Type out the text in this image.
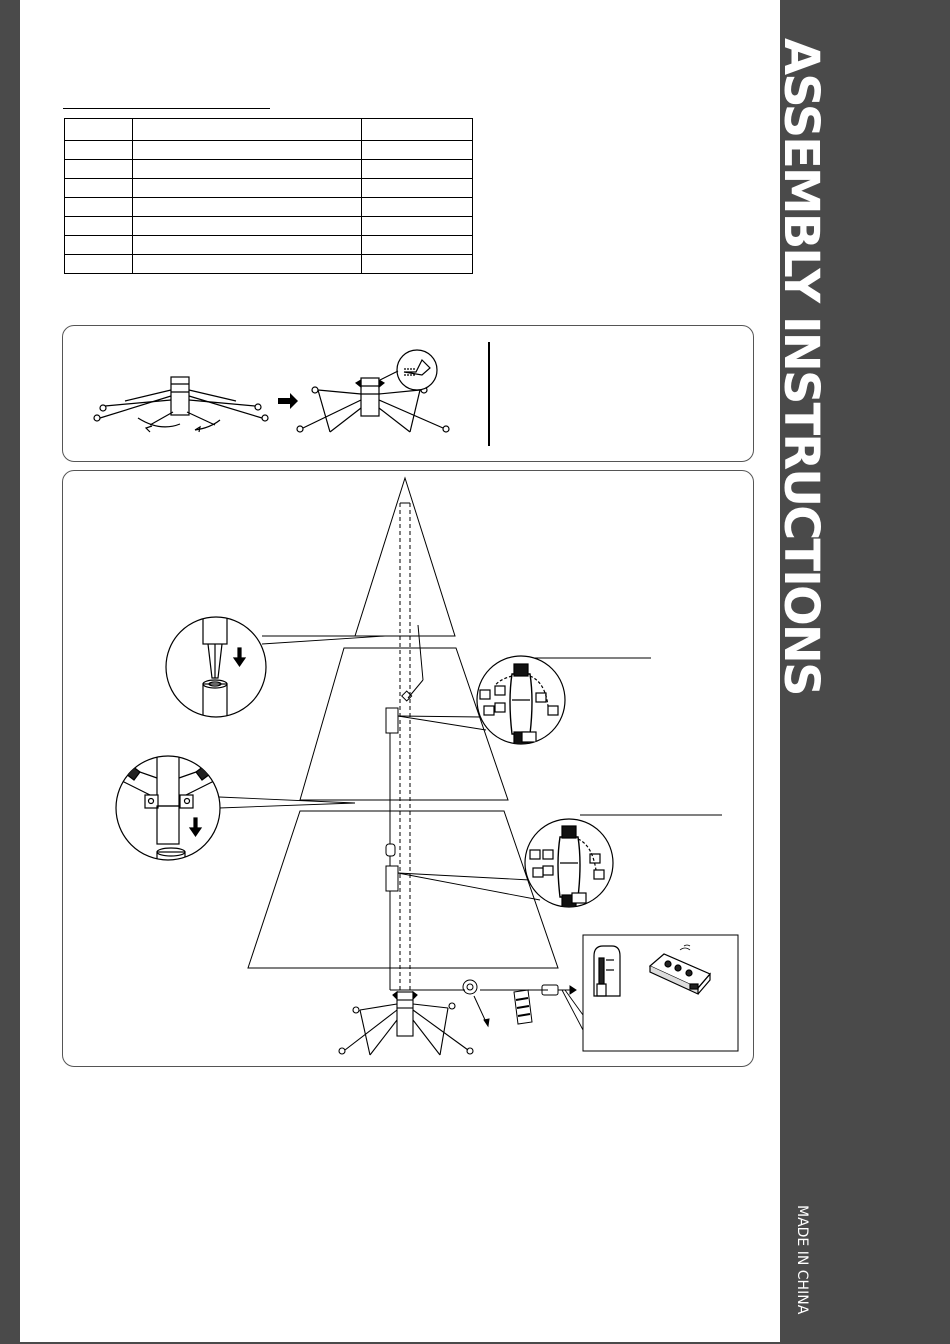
ASSEMBLY INSTRUCTIONS
MADE IN CHINA
